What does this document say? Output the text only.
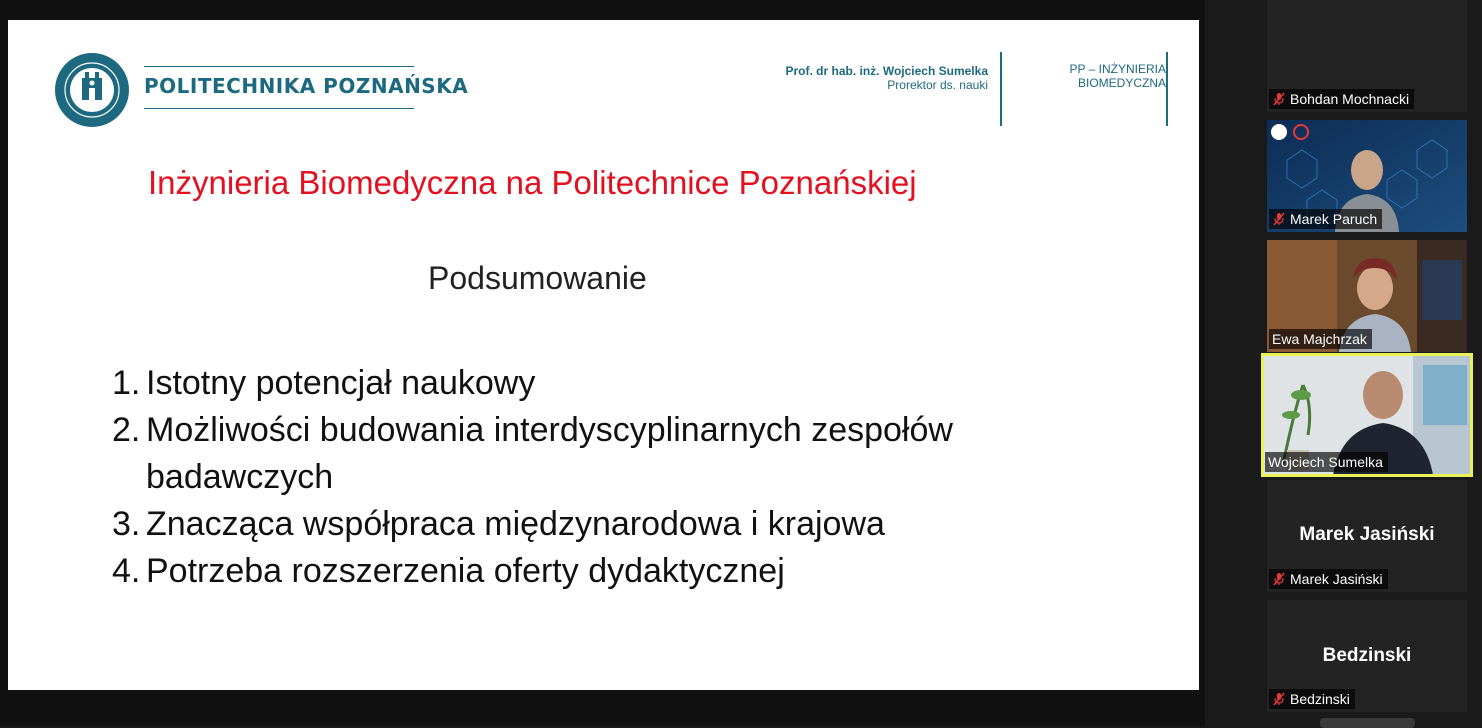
POLITECHNIKA POZNAŃSKA
Prof. dr hab. inż. Wojciech Sumelka
Prorektor ds. nauki
PP – INŻYNIERIA
BIOMEDYCZNA
Inżynieria Biomedyczna na Politechnice Poznańskiej
Podsumowanie
1. Istotny potencjał naukowy
2. Możliwości budowania interdyscyplinarnych zespołów badawczych
3. Znacząca współpraca międzynarodowa i krajowa
4. Potrzeba rozszerzenia oferty dydaktycznej
Bohdan Mochnacki
Marek Paruch
Ewa Majchrzak
Wojciech Sumelka
Marek Jasiński
Marek Jasiński
Bedzinski
Bedzinski
